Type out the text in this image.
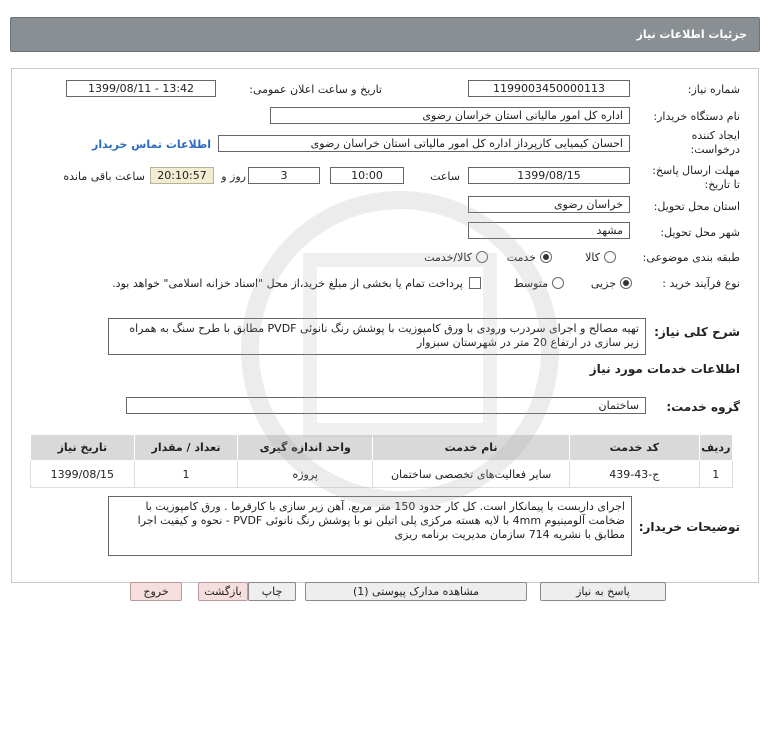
جزئیات اطلاعات نیاز
شماره نیاز:
1199003450000113
تاریخ و ساعت اعلان عمومی:
1399/08/11 - 13:42
نام دستگاه خریدار:
اداره کل امور مالیاتی استان خراسان رضوی
ایجاد کننده
درخواست:
احسان کیمیایی کارپرداز اداره کل امور مالیاتی استان خراسان رضوی
اطلاعات تماس خریدار
مهلت ارسال پاسخ:
تا تاریخ:
1399/08/15
ساعت
10:00
3
روز و
20:10:57
ساعت باقی مانده
استان محل تحویل:
خراسان رضوی
شهر محل تحویل:
مشهد
طبقه بندی موضوعی:
کالا
خدمت
کالا/خدمت
نوع فرآیند خرید :
جزیی
متوسط
پرداخت تمام یا بخشی از مبلغ خرید،از محل "اسناد خزانه اسلامی" خواهد بود.
شرح کلی نیاز:
تهیه مصالح و اجرای سردرب ورودی با ورق کامپوزیت با پوشش رنگ نانوئی PVDF مطابق با طرح سنگ به همراه زیر سازی در ارتفاع 20 متر در شهرستان سبزوار
اطلاعات خدمات مورد نیاز
گروه خدمت:
ساختمان
ردیف	کد خدمت	نام خدمت	واحد اندازه گیری	تعداد / مقدار	تاریخ نیاز
1	ج-43-439	سایر فعالیت‌های تخصصی ساختمان	پروژه	1	1399/08/15
توضیحات خریدار:
اجرای داربست با پیمانکار است. کل کار حدود 150 متر مربع. آهن زیر سازی با کارفرما . ورق کامپوزیت با ضخامت آلومینیوم 4mm با لایه هسته مرکزی پلی اتیلن نو با پوشش رنگ نانوئی PVDF - نحوه و کیفیت اجرا مطابق با نشریه 714 سازمان مدیریت برنامه ریزی
پاسخ به نیاز
مشاهده مدارک پیوستی (1)
چاپ
بازگشت
خروج
